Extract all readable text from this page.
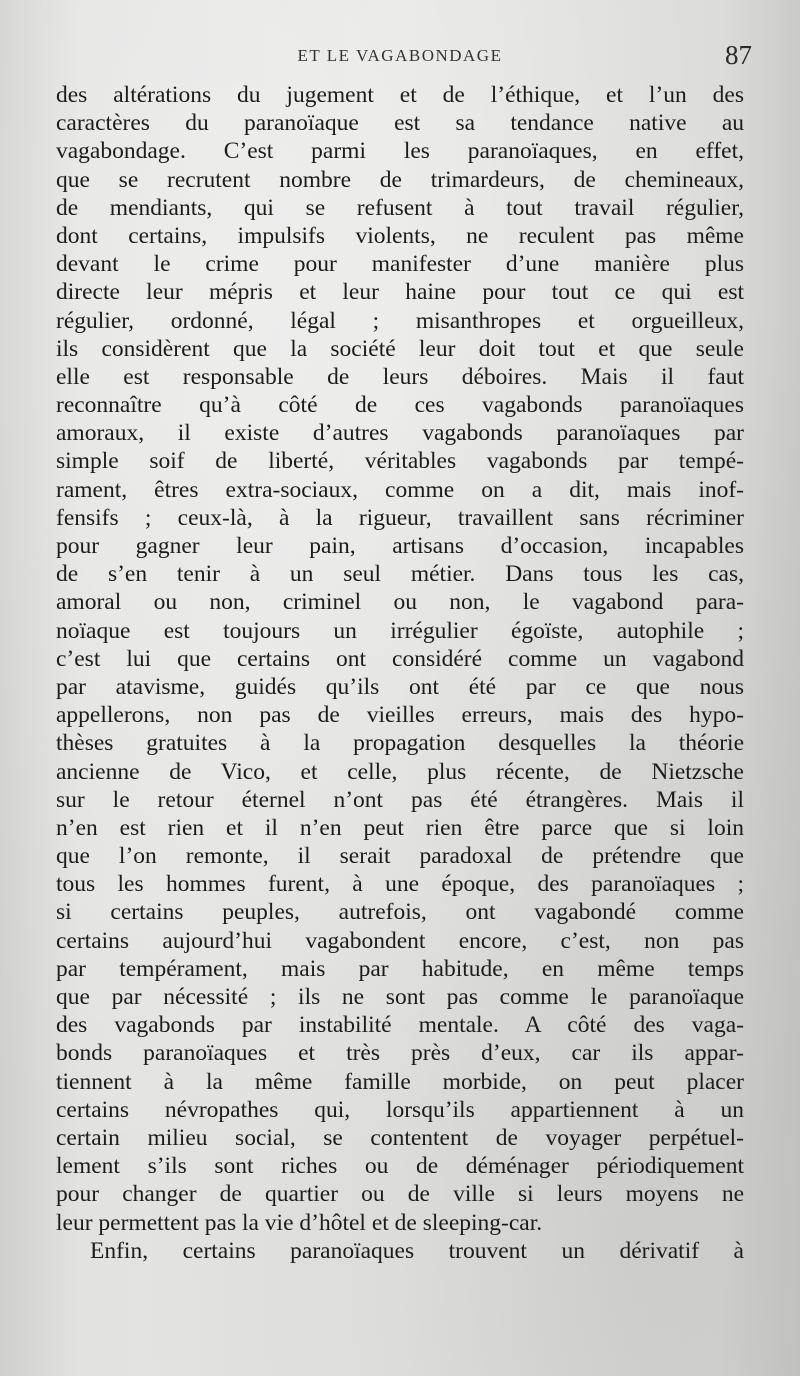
ET LE VAGABONDAGE	87
des altérations du jugement et de l’éthique, et l’un des
caractères du paranoïaque est sa tendance native au
vagabondage. C’est parmi les paranoïaques, en effet,
que se recrutent nombre de trimardeurs, de chemineaux,
de mendiants, qui se refusent à tout travail régulier,
dont certains, impulsifs violents, ne reculent pas même
devant le crime pour manifester d’une manière plus
directe leur mépris et leur haine pour tout ce qui est
régulier, ordonné, légal ; misanthropes et orgueilleux,
ils considèrent que la société leur doit tout et que seule
elle est responsable de leurs déboires. Mais il faut
reconnaître qu’à côté de ces vagabonds paranoïaques
amoraux, il existe d’autres vagabonds paranoïaques par
simple soif de liberté, véritables vagabonds par tempé-
rament, êtres extra-sociaux, comme on a dit, mais inof-
fensifs ; ceux-là, à la rigueur, travaillent sans récriminer
pour gagner leur pain, artisans d’occasion, incapables
de s’en tenir à un seul métier. Dans tous les cas,
amoral ou non, criminel ou non, le vagabond para-
noïaque est toujours un irrégulier égoïste, autophile ;
c’est lui que certains ont considéré comme un vagabond
par atavisme, guidés qu’ils ont été par ce que nous
appellerons, non pas de vieilles erreurs, mais des hypo-
thèses gratuites à la propagation desquelles la théorie
ancienne de Vico, et celle, plus récente, de Nietzsche
sur le retour éternel n’ont pas été étrangères. Mais il
n’en est rien et il n’en peut rien être parce que si loin
que l’on remonte, il serait paradoxal de prétendre que
tous les hommes furent, à une époque, des paranoïaques ;
si certains peuples, autrefois, ont vagabondé comme
certains aujourd’hui vagabondent encore, c’est, non pas
par tempérament, mais par habitude, en même temps
que par nécessité ; ils ne sont pas comme le paranoïaque
des vagabonds par instabilité mentale. A côté des vaga-
bonds paranoïaques et très près d’eux, car ils appar-
tiennent à la même famille morbide, on peut placer
certains névropathes qui, lorsqu’ils appartiennent à un
certain milieu social, se contentent de voyager perpétuel-
lement s’ils sont riches ou de déménager périodiquement
pour changer de quartier ou de ville si leurs moyens ne
leur permettent pas la vie d’hôtel et de sleeping-car.
Enfin, certains paranoïaques trouvent un dérivatif à
